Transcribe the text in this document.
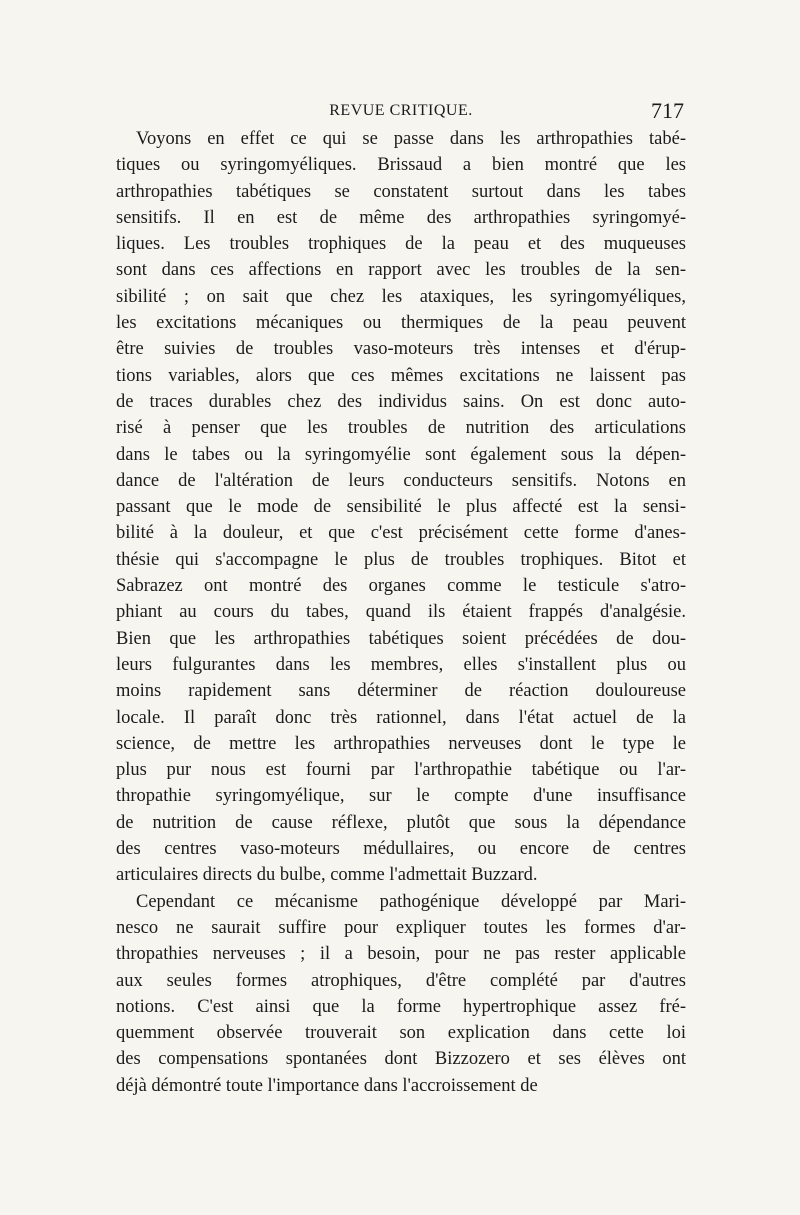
REVUE CRITIQUE.	717
Voyons en effet ce qui se passe dans les arthropathies tabé-
tiques ou syringomyéliques. Brissaud a bien montré que les
arthropathies tabétiques se constatent surtout dans les tabes
sensitifs. Il en est de même des arthropathies syringomyé-
liques. Les troubles trophiques de la peau et des muqueuses
sont dans ces affections en rapport avec les troubles de la sen-
sibilité ; on sait que chez les ataxiques, les syringomyéliques,
les excitations mécaniques ou thermiques de la peau peuvent
être suivies de troubles vaso-moteurs très intenses et d'érup-
tions variables, alors que ces mêmes excitations ne laissent pas
de traces durables chez des individus sains. On est donc auto-
risé à penser que les troubles de nutrition des articulations
dans le tabes ou la syringomyélie sont également sous la dépen-
dance de l'altération de leurs conducteurs sensitifs. Notons en
passant que le mode de sensibilité le plus affecté est la sensi-
bilité à la douleur, et que c'est précisément cette forme d'anes-
thésie qui s'accompagne le plus de troubles trophiques. Bitot et
Sabrazez ont montré des organes comme le testicule s'atro-
phiant au cours du tabes, quand ils étaient frappés d'analgésie.
Bien que les arthropathies tabétiques soient précédées de dou-
leurs fulgurantes dans les membres, elles s'installent plus ou
moins rapidement sans déterminer de réaction douloureuse
locale. Il paraît donc très rationnel, dans l'état actuel de la
science, de mettre les arthropathies nerveuses dont le type le
plus pur nous est fourni par l'arthropathie tabétique ou l'ar-
thropathie syringomyélique, sur le compte d'une insuffisance
de nutrition de cause réflexe, plutôt que sous la dépendance
des centres vaso-moteurs médullaires, ou encore de centres
articulaires directs du bulbe, comme l'admettait Buzzard.
Cependant ce mécanisme pathogénique développé par Mari-
nesco ne saurait suffire pour expliquer toutes les formes d'ar-
thropathies nerveuses ; il a besoin, pour ne pas rester applicable
aux seules formes atrophiques, d'être complété par d'autres
notions. C'est ainsi que la forme hypertrophique assez fré-
quemment observée trouverait son explication dans cette loi
des compensations spontanées dont Bizzozero et ses élèves ont
déjà démontré toute l'importance dans l'accroissement de
